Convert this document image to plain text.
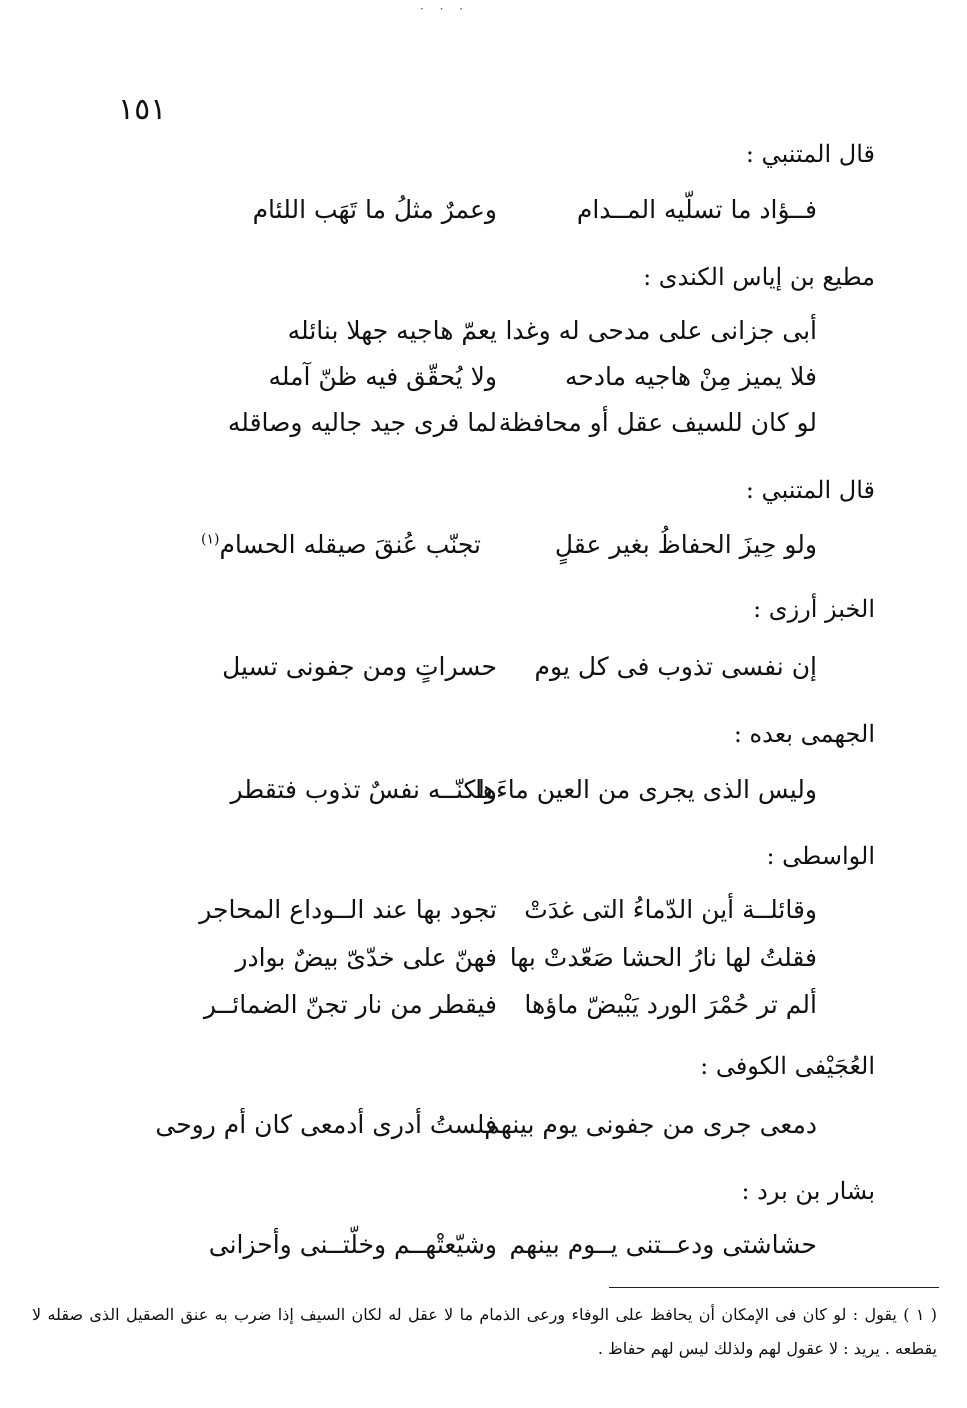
· · ·
١٥١
قال المتنبي :
فــؤاد ما تسلّيه المــدام
وعمرٌ مثلُ ما تَهَب اللئام
مطيع بن إياس الكندى :
أبى جزانى على مدحى له وغدا
يعمّ هاجيه جهلا بنائله
فلا يميز مِنْ هاجيه مادحه
ولا يُحقّق فيه ظنّ آمله
لو كان للسيف عقل أو محافظة
لما فرى جيد جاليه وصاقله
قال المتنبي :
ولو حِيزَ الحفاظُ بغير عقلٍ
تجنّب عُنقَ صيقله الحسام$^{(١)}$
الخبز أرزى :
إن نفسى تذوب فى كل يوم
حسراتٍ ومن جفونى تسيل
الجهمى بعده :
وليس الذى يجرى من العين ماءَها
ولكنّــه نفسٌ تذوب فتقطر
الواسطى :
وقائلــة أين الدّماءُ التى غدَتْ
تجود بها عند الــوداع المحاجر
فقلتُ لها نارُ الحشا صَعّدتْ بها
فهنّ على خدّىّ بيضٌ بوادر
ألم تر حُمْرَ الورد يَبْيضّ ماؤها
فيقطر من نار تجنّ الضمائــر
العُجَيْفى الكوفى :
دمعى جرى من جفونى يوم بينهم
فلستُ أدرى أدمعى كان أم روحى
بشار بن برد :
حشاشتى ودعــتنى يــوم بينهم
وشيّعتْهــم وخلّتــنى وأحزانى
( ١ ) يقول : لو كان فى الإمكان أن يحافظ على الوفاء ورعى الذمام ما لا عقل له لكان السيف إذا ضرب به عنق الصقيل الذى صقله لا يقطعه . يريد : لا عقول لهم ولذلك ليس لهم حفاظ .
